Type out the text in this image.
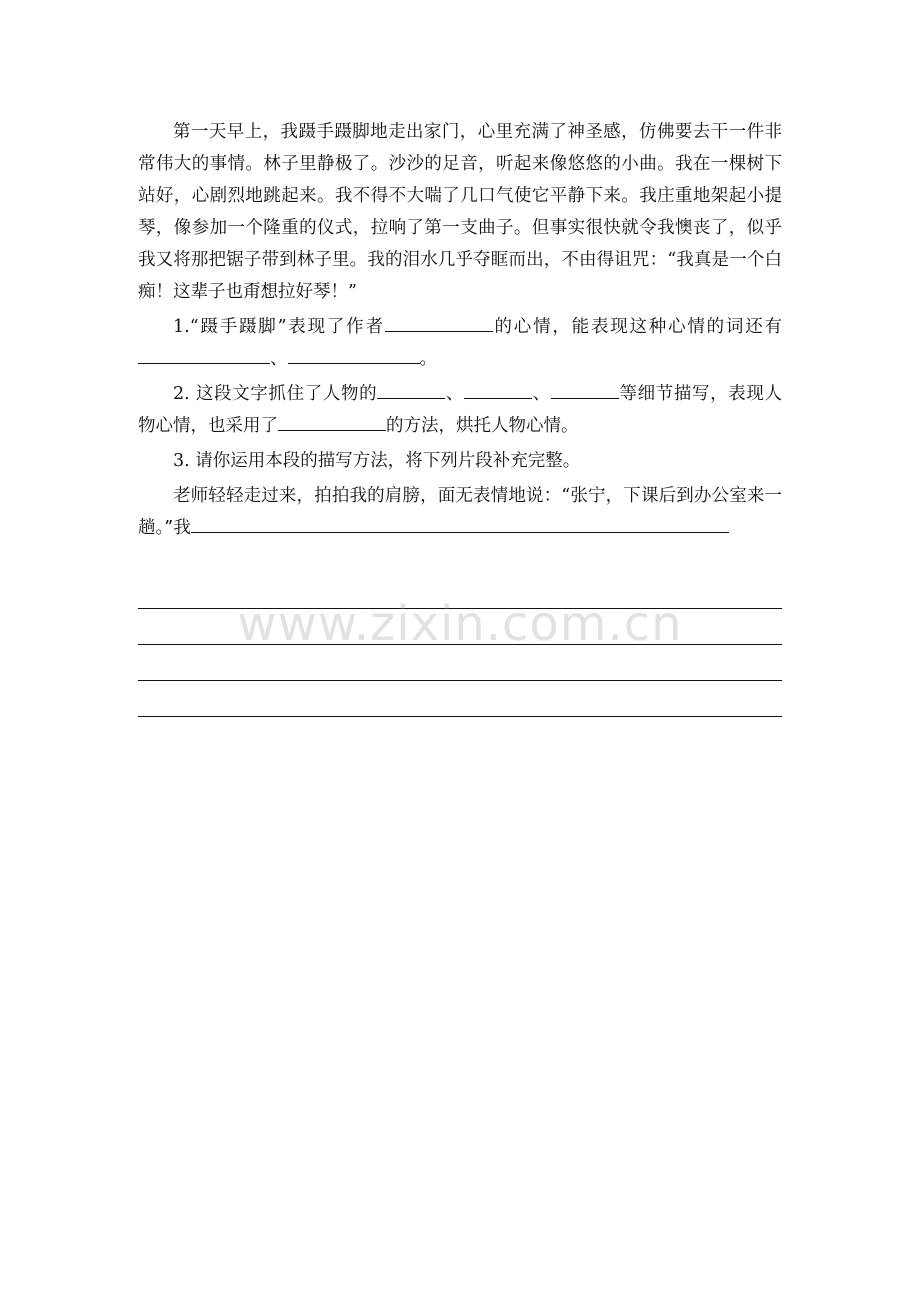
第一天早上，我蹑手蹑脚地走出家门，心里充满了神圣感，仿佛要去干一件非常伟大的事情。林子里静极了。沙沙的足音，听起来像悠悠的小曲。我在一棵树下站好，心剧烈地跳起来。我不得不大喘了几口气使它平静下来。我庄重地架起小提琴，像参加一个隆重的仪式，拉响了第一支曲子。但事实很快就令我懊丧了，似乎我又将那把锯子带到林子里。我的泪水几乎夺眶而出，不由得诅咒：“我真是一个白痴！这辈子也甭想拉好琴！”

1.“蹑手蹑脚”表现了作者	的心情，能表现这种心情的词还有、	。

2. 这段文字抓住了人物的	、	、	等细节描写，表现人物心情，也采用了	的方法，烘托人物心情。

3. 请你运用本段的描写方法，将下列片段补充完整。

老师轻轻走过来，拍拍我的肩膀，面无表情地说：“张宁，下课后到办公室来一趟。”我

www.zixin.com.cn
